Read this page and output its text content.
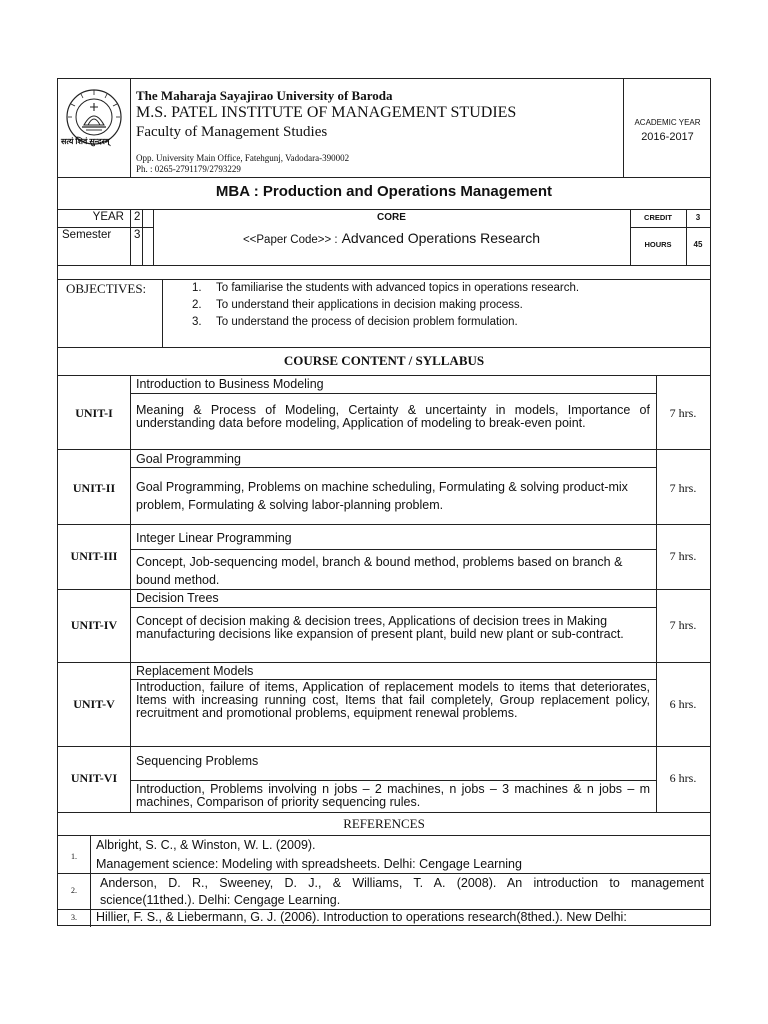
सत्यं शिवं सुन्दरम्
The Maharaja Sayajirao University of Baroda
M.S. PATEL INSTITUTE OF MANAGEMENT STUDIES
Faculty of Management Studies
Opp. University Main Office, Fatehgunj, Vadodara-390002
Ph. : 0265-2791179/2793229
ACADEMIC YEAR
2016-2017
MBA : Production and Operations Management
YEAR 2
Semester 3
CORE
<<Paper Code>> : Advanced Operations Research
CREDIT	3
HOURS	45
OBJECTIVES:	1. To familiarise the students with advanced topics in operations research.
2. To understand their applications in decision making process.
3. To understand the process of decision problem formulation.
COURSE CONTENT / SYLLABUS
UNIT-I
Introduction to Business Modeling
Meaning & Process of Modeling, Certainty & uncertainty in models, Importance of understanding data before modeling, Application of modeling to break-even point.
7 hrs.
UNIT-II
Goal Programming
Goal Programming, Problems on machine scheduling, Formulating & solving product-mix problem, Formulating & solving labor-planning problem.
7 hrs.
UNIT-III
Integer Linear Programming
Concept, Job-sequencing model, branch & bound method, problems based on branch & bound method.
7 hrs.
UNIT-IV
Decision Trees
Concept of decision making & decision trees, Applications of decision trees in Making manufacturing decisions like expansion of present plant, build new plant or sub-contract.
7 hrs.
UNIT-V
Replacement Models
Introduction, failure of items, Application of replacement models to items that deteriorates, Items with increasing running cost, Items that fail completely, Group replacement policy, recruitment and promotional problems, equipment renewal problems.
6 hrs.
UNIT-VI
Sequencing Problems
Introduction, Problems involving n jobs – 2 machines, n jobs – 3 machines & n jobs – m machines, Comparison of priority sequencing rules.
6 hrs.
REFERENCES
1.
Albright, S. C., & Winston, W. L. (2009).
Management science: Modeling with spreadsheets. Delhi: Cengage Learning
2.
Anderson, D. R., Sweeney, D. J., & Williams, T. A. (2008). An introduction to management
science(11thed.). Delhi: Cengage Learning.
3.	Hillier, F. S., & Liebermann, G. J. (2006). Introduction to operations research(8thed.). New Delhi:
